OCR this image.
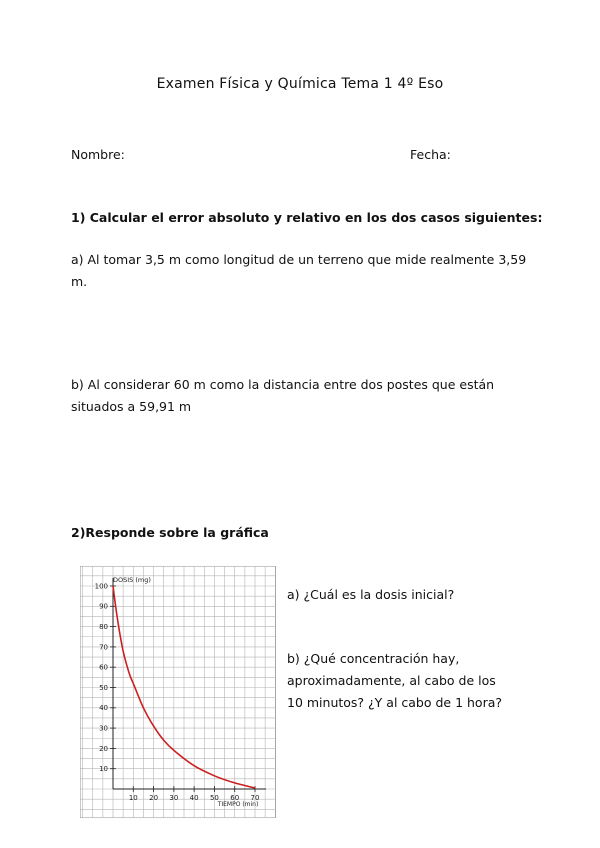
Examen Física y Química Tema 1 4º Eso
Nombre:	Fecha:
1) Calcular el error absoluto y relativo en los dos casos siguientes:
a) Al tomar 3,5 m como longitud de un terreno que mide realmente 3,59 m.
b) Al considerar 60 m como la distancia entre dos postes que están situados a 59,91 m
2)Responde sobre la gráfica
a) ¿Cuál es la dosis inicial?
b) ¿Qué concentración hay, aproximadamente, al cabo de los 10 minutos? ¿Y al cabo de 1 hora?
10
20
30
40
50
60
70
80
90
100
10 20 30 40 50 60 70
DOSIS (mg)
TIEMPO (min)
